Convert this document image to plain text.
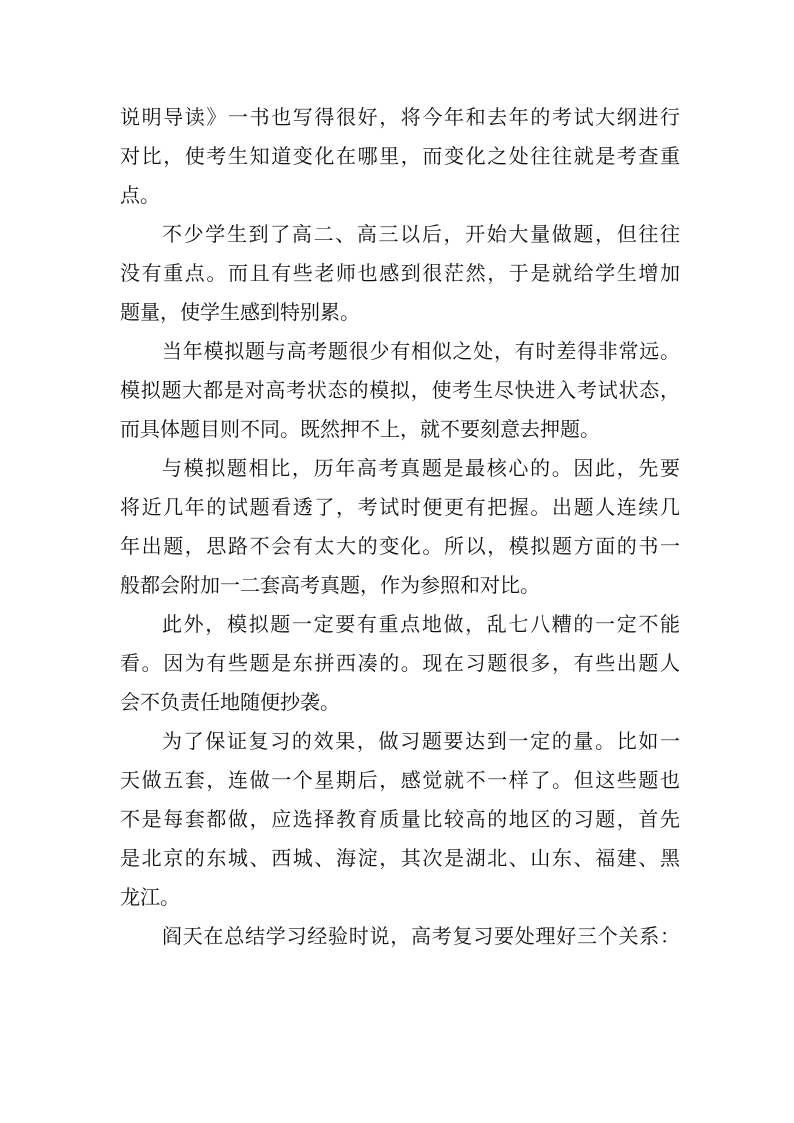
说明导读》一书也写得很好，将今年和去年的考试大纲进行
对比，使考生知道变化在哪里，而变化之处往往就是考查重
点。
不少学生到了高二、高三以后，开始大量做题，但往往
没有重点。而且有些老师也感到很茫然，于是就给学生增加
题量，使学生感到特别累。
当年模拟题与高考题很少有相似之处，有时差得非常远。
模拟题大都是对高考状态的模拟，使考生尽快进入考试状态，
而具体题目则不同。既然押不上，就不要刻意去押题。
与模拟题相比，历年高考真题是最核心的。因此，先要
将近几年的试题看透了，考试时便更有把握。出题人连续几
年出题，思路不会有太大的变化。所以，模拟题方面的书一
般都会附加一二套高考真题，作为参照和对比。
此外，模拟题一定要有重点地做，乱七八糟的一定不能
看。因为有些题是东拼西凑的。现在习题很多，有些出题人
会不负责任地随便抄袭。
为了保证复习的效果，做习题要达到一定的量。比如一
天做五套，连做一个星期后，感觉就不一样了。但这些题也
不是每套都做，应选择教育质量比较高的地区的习题，首先
是北京的东城、西城、海淀，其次是湖北、山东、福建、黑
龙江。
阎天在总结学习经验时说，高考复习要处理好三个关系：
